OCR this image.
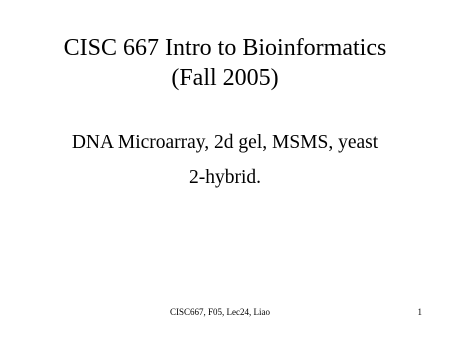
CISC 667 Intro to Bioinformatics
(Fall 2005)
DNA Microarray, 2d gel, MSMS, yeast
2-hybrid.
CISC667, F05, Lec24, Liao	1
